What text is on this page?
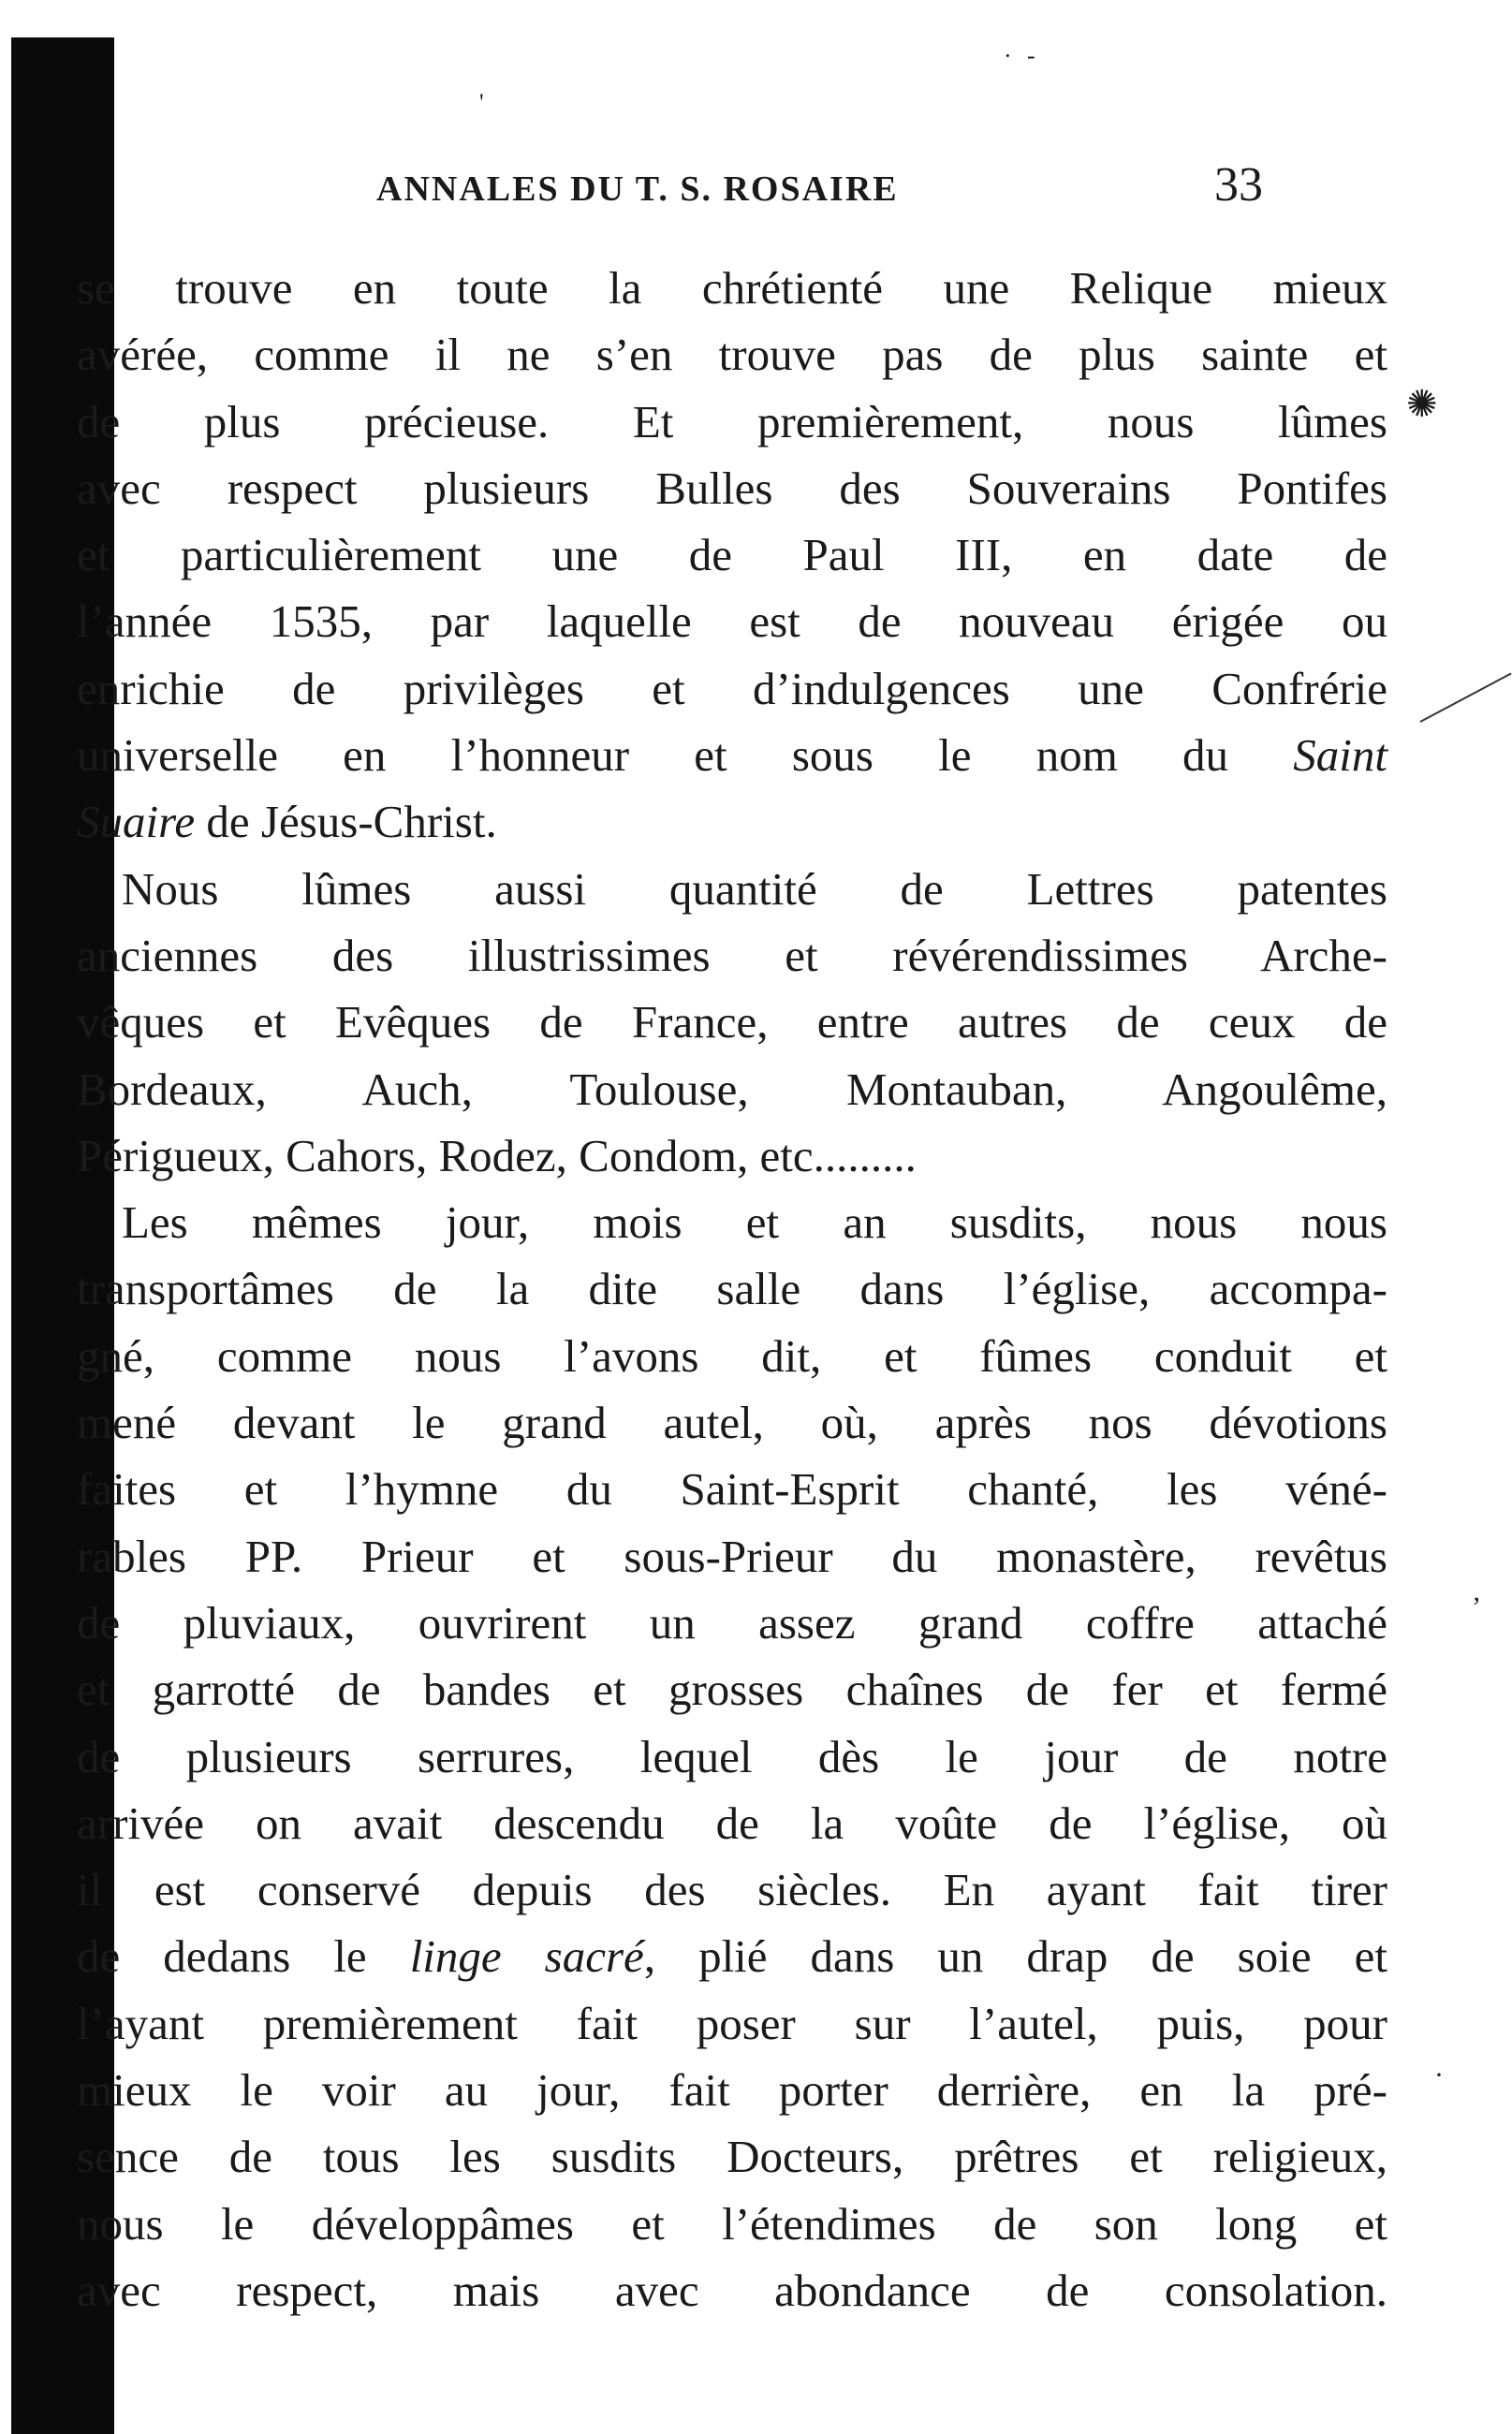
ANNALES DU T. S. ROSAIRE	33
se trouve en toute la chrétienté une Relique mieux
avérée, comme il ne s’en trouve pas de plus sainte et
de plus précieuse. Et premièrement, nous lûmes
avec respect plusieurs Bulles des Souverains Pontifes
et particulièrement une de Paul III, en date de
l’année 1535, par laquelle est de nouveau érigée ou
enrichie de privilèges et d’indulgences une Confrérie
universelle en l’honneur et sous le nom du Saint
Suaire de Jésus-Christ.
Nous lûmes aussi quantité de Lettres patentes
anciennes des illustrissimes et révérendissimes Arche-
vêques et Evêques de France, entre autres de ceux de
Bordeaux, Auch, Toulouse, Montauban, Angoulême,
Périgueux, Cahors, Rodez, Condom, etc.........
Les mêmes jour, mois et an susdits, nous nous
transportâmes de la dite salle dans l’église, accompa-
gné, comme nous l’avons dit, et fûmes conduit et
mené devant le grand autel, où, après nos dévotions
faites et l’hymne du Saint-Esprit chanté, les véné-
rables PP. Prieur et sous-Prieur du monastère, revêtus
de pluviaux, ouvrirent un assez grand coffre attaché
et garrotté de bandes et grosses chaînes de fer et fermé
de plusieurs serrures, lequel dès le jour de notre
arrivée on avait descendu de la voûte de l’église, où
il est conservé depuis des siècles. En ayant fait tirer
de dedans le linge sacré, plié dans un drap de soie et
l’ayant premièrement fait poser sur l’autel, puis, pour
mieux le voir au jour, fait porter derrière, en la pré-
sence de tous les susdits Docteurs, prêtres et religieux,
nous le développâmes et l’étendimes de son long et
avec respect, mais avec abondance de consolation.
✺
’
·
· -
'
